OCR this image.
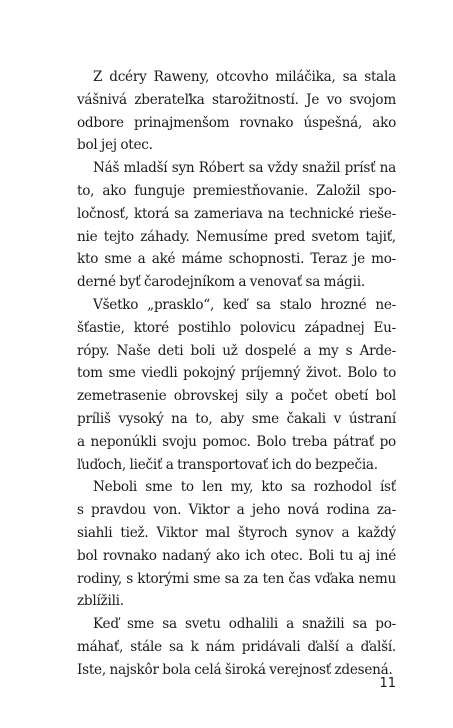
Z dcéry Raweny, otcovho miláčika, sa stala
vášnivá zberateľka starožitností. Je vo svojom
odbore prinajmenšom rovnako úspešná, ako
bol jej otec.
Náš mladší syn Róbert sa vždy snažil prísť na
to, ako funguje premiestňovanie. Založil spo-
ločnosť, ktorá sa zameriava na technické rieše-
nie tejto záhady. Nemusíme pred svetom tajiť,
kto sme a aké máme schopnosti. Teraz je mo-
derné byť čarodejníkom a venovať sa mágii.
Všetko „prasklo“, keď sa stalo hrozné ne-
šťastie, ktoré postihlo polovicu západnej Eu-
rópy. Naše deti boli už dospelé a my s Arde-
tom sme viedli pokojný príjemný život. Bolo to
zemetrasenie obrovskej sily a počet obetí bol
príliš vysoký na to, aby sme čakali v ústraní
a neponúkli svoju pomoc. Bolo treba pátrať po
ľuďoch, liečiť a transportovať ich do bezpečia.
Neboli sme to len my, kto sa rozhodol ísť
s pravdou von. Viktor a jeho nová rodina za-
siahli tiež. Viktor mal štyroch synov a každý
bol rovnako nadaný ako ich otec. Boli tu aj iné
rodiny, s ktorými sme sa za ten čas vďaka nemu
zblížili.
Keď sme sa svetu odhalili a snažili sa po-
máhať, stále sa k nám pridávali ďalší a ďalší.
Iste, najskôr bola celá široká verejnosť zdesená.
11
